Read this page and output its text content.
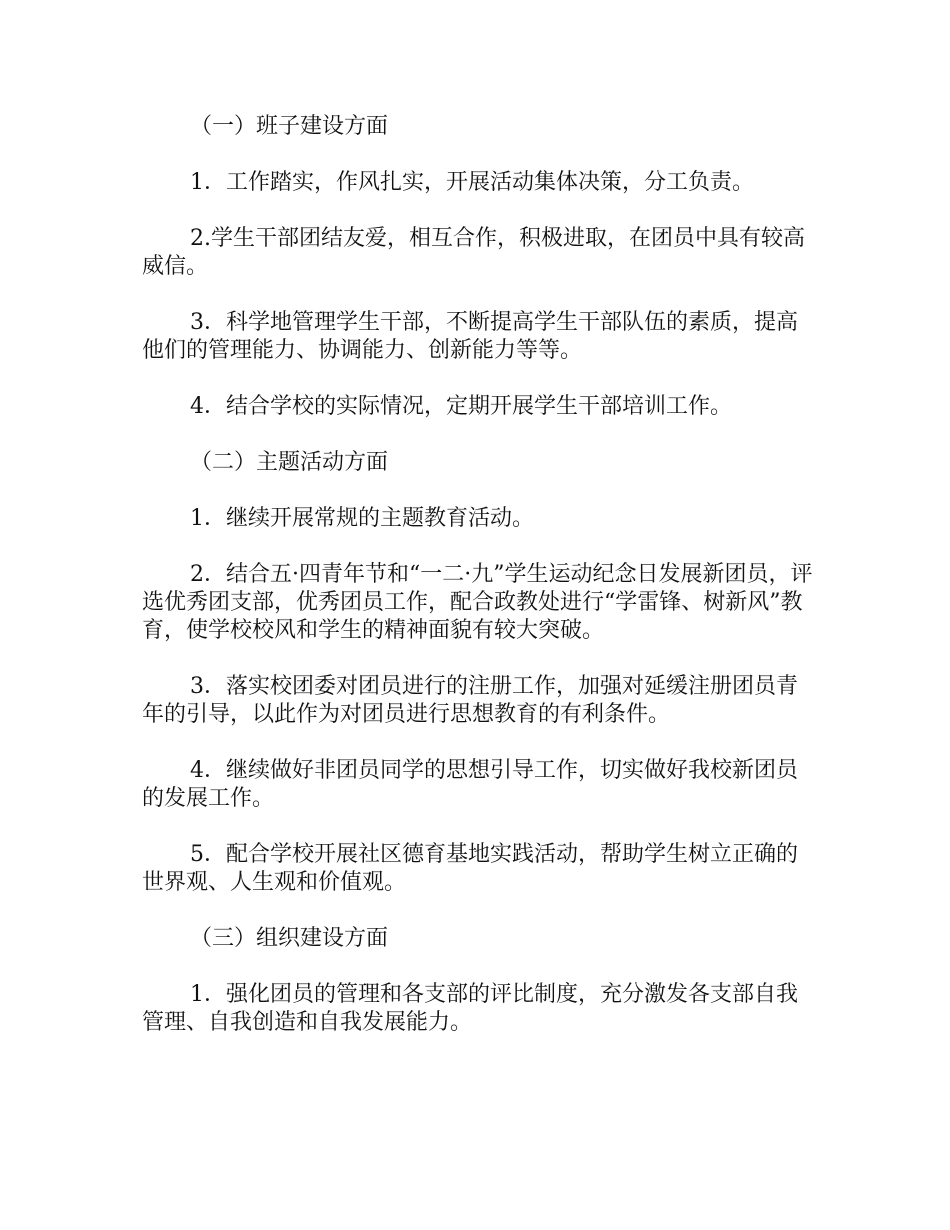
（一）班子建设方面

1．工作踏实，作风扎实，开展活动集体决策，分工负责。

2.学生干部团结友爱，相互合作，积极进取，在团员中具有较高威信。

3．科学地管理学生干部，不断提高学生干部队伍的素质，提高他们的管理能力、协调能力、创新能力等等。

4．结合学校的实际情况，定期开展学生干部培训工作。

（二）主题活动方面

1．继续开展常规的主题教育活动。

2．结合五·四青年节和“一二·九”学生运动纪念日发展新团员，评选优秀团支部，优秀团员工作，配合政教处进行“学雷锋、树新风”教育，使学校校风和学生的精神面貌有较大突破。

3．落实校团委对团员进行的注册工作，加强对延缓注册团员青年的引导，以此作为对团员进行思想教育的有利条件。

4．继续做好非团员同学的思想引导工作，切实做好我校新团员的发展工作。

5．配合学校开展社区德育基地实践活动，帮助学生树立正确的世界观、人生观和价值观。

（三）组织建设方面

1．强化团员的管理和各支部的评比制度，充分激发各支部自我管理、自我创造和自我发展能力。
